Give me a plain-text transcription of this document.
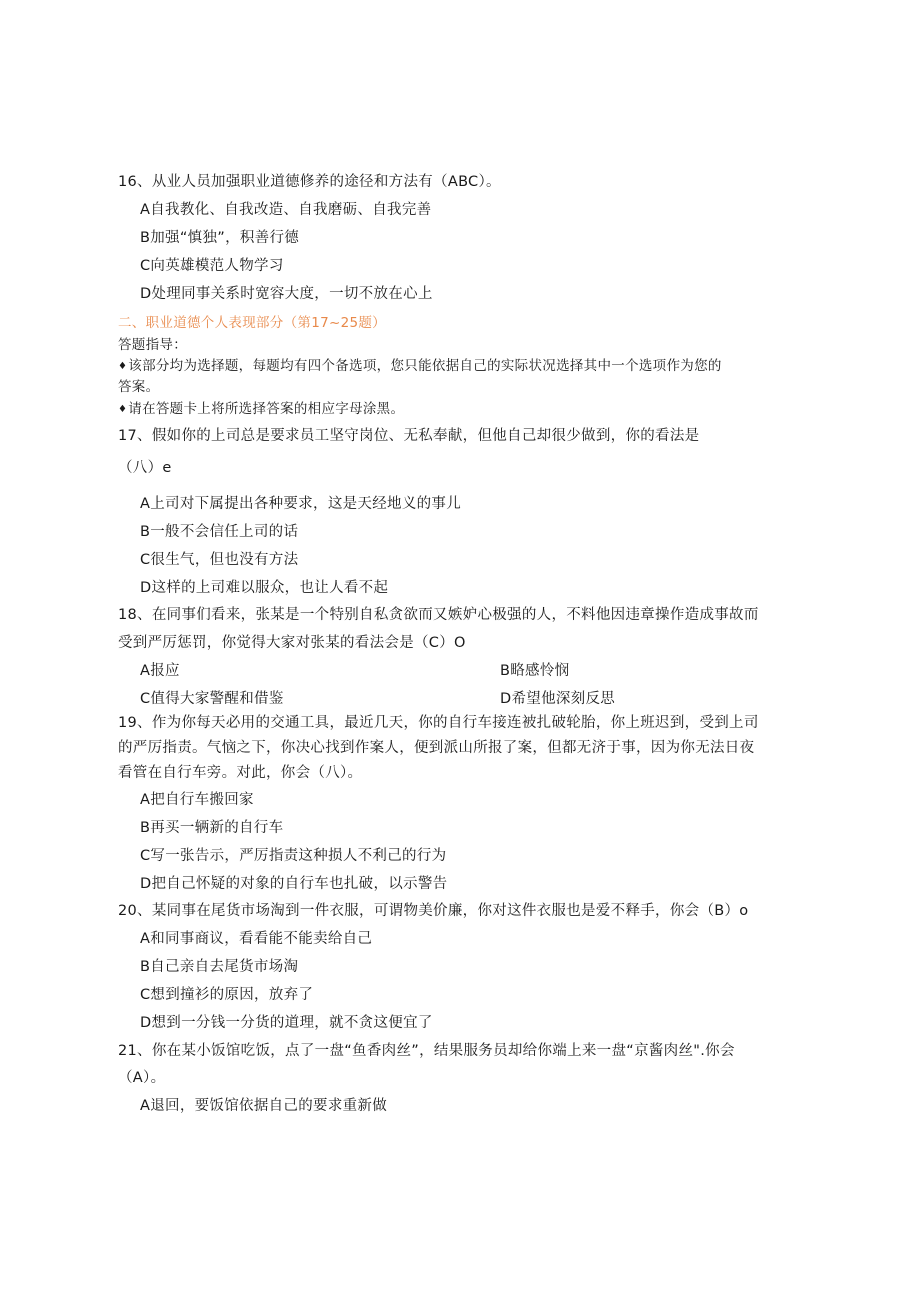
16、从业人员加强职业道德修养的途径和方法有（ABC）。
A自我教化、自我改造、自我磨砺、自我完善
B加强“慎独”，积善行德
C向英雄模范人物学习
D处理同事关系时宽容大度，一切不放在心上
二、职业道德个人表现部分（第17~25题）
答题指导：
♦该部分均为选择题，每题均有四个备选项，您只能依据自己的实际状况选择其中一个选项作为您的
答案。
♦请在答题卡上将所选择答案的相应字母涂黑。
17、假如你的上司总是要求员工坚守岗位、无私奉献，但他自己却很少做到，你的看法是
（八）e
A上司对下属提出各种要求，这是天经地义的事儿
B一般不会信任上司的话
C很生气，但也没有方法
D这样的上司难以服众，也让人看不起
18、在同事们看来，张某是一个特别自私贪欲而又嫉妒心极强的人，不料他因违章操作造成事故而
受到严厉惩罚，你觉得大家对张某的看法会是（C）O
A报应	B略感怜悯
C值得大家警醒和借鉴	D希望他深刻反思
19、作为你每天必用的交通工具，最近几天，你的自行车接连被扎破轮胎，你上班迟到，受到上司
的严厉指责。气恼之下，你决心找到作案人，便到派山所报了案，但都无济于事，因为你无法日夜
看管在自行车旁。对此，你会（八）。
A把自行车搬回家
B再买一辆新的自行车
C写一张告示，严厉指责这种损人不利己的行为
D把自己怀疑的对象的自行车也扎破，以示警告
20、某同事在尾货市场淘到一件衣服，可谓物美价廉，你对这件衣服也是爱不释手，你会（B）o
A和同事商议，看看能不能卖给自己
B自己亲自去尾货市场淘
C想到撞衫的原因，放弃了
D想到一分钱一分货的道理，就不贪这便宜了
21、你在某小饭馆吃饭，点了一盘“鱼香肉丝”，结果服务员却给你端上来一盘“京酱肉丝".你会
（A）。
A退回，要饭馆依据自己的要求重新做
